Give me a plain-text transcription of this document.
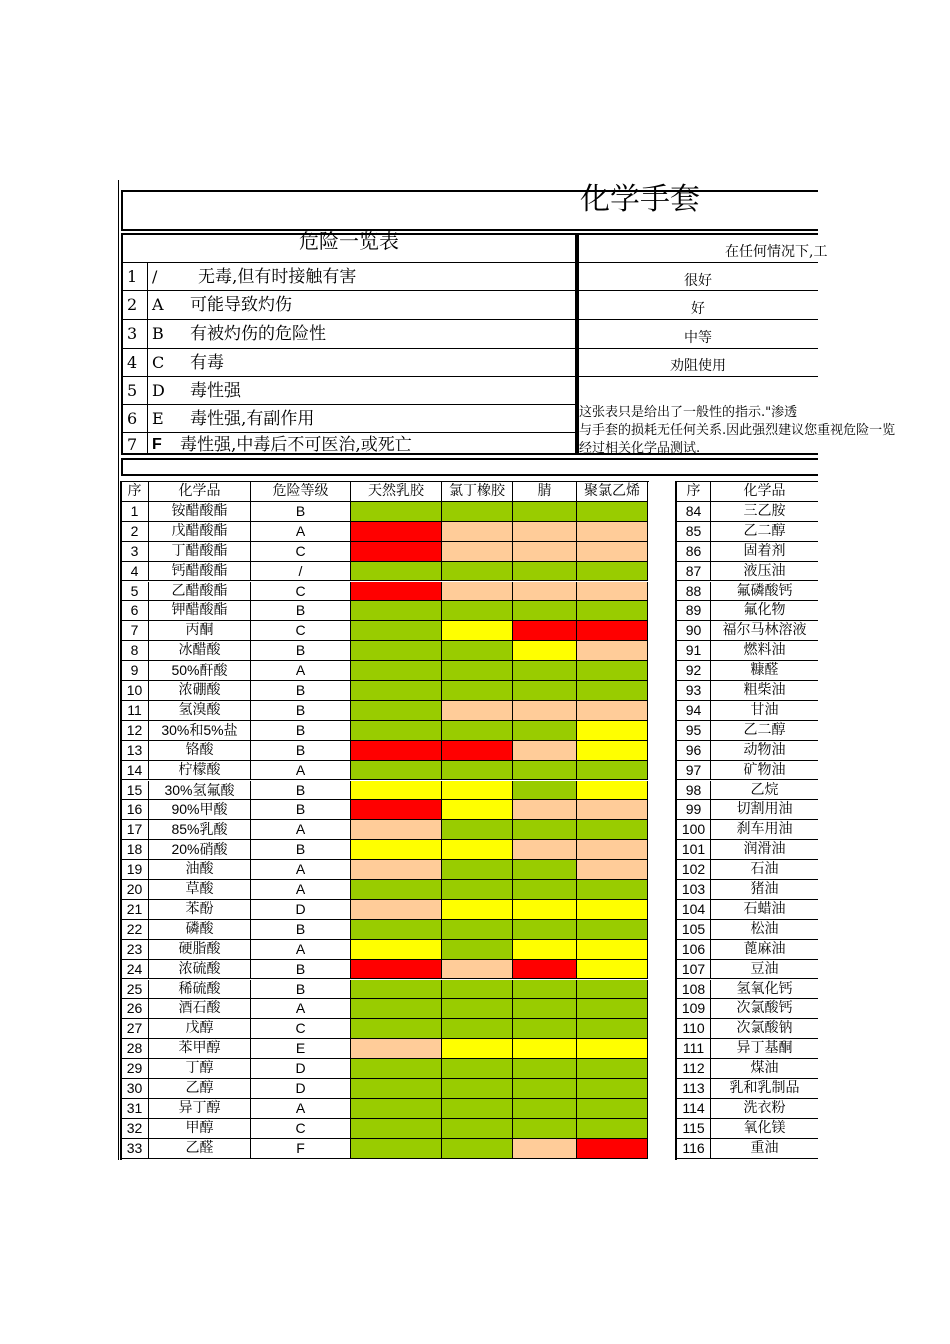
化学手套
危险一览表
1 / 无毒,但有时接触有害
2 A 可能导致灼伤
3 B 有被灼伤的危险性
4 C 有毒
5 D 毒性强
6 E 毒性强,有副作用
7 F 毒性强,中毒后不可医治,或死亡
在任何情况下,工
很好
好
中等
劝阻使用
这张表只是给出了一般性的指示."渗透
与手套的损耗无任何关系.因此强烈建议您重视危险一览
经过相关化学品测试.
序	化学品	危险等级	天然乳胶	氯丁橡胶	腈	聚氯乙烯
1	铵醋酸酯	B
2	戊醋酸酯	A
3	丁醋酸酯	C
4	钙醋酸酯	/
5	乙醋酸酯	C
6	钾醋酸酯	B
7	丙酮	C
8	冰醋酸	B
9	50%酐酸	A
10	浓硼酸	B
11	氢溴酸	B
12	30%和5%盐	B
13	铬酸	B
14	柠檬酸	A
15	30%氢氟酸	B
16	90%甲酸	B
17	85%乳酸	A
18	20%硝酸	B
19	油酸	A
20	草酸	A
21	苯酚	D
22	磷酸	B
23	硬脂酸	A
24	浓硫酸	B
25	稀硫酸	B
26	酒石酸	A
27	戊醇	C
28	苯甲醇	E
29	丁醇	D
30	乙醇	D
31	异丁醇	A
32	甲醇	C
33	乙醛	F
序	化学品
84	三乙胺
85	乙二醇
86	固着剂
87	液压油
88	氟磷酸钙
89	氟化物
90	福尔马林溶液
91	燃料油
92	糠醛
93	粗柴油
94	甘油
95	乙二醇
96	动物油
97	矿物油
98	乙烷
99	切割用油
100	刹车用油
101	润滑油
102	石油
103	猪油
104	石蜡油
105	松油
106	蓖麻油
107	豆油
108	氢氧化钙
109	次氯酸钙
110	次氯酸钠
111	异丁基酮
112	煤油
113	乳和乳制品
114	洗衣粉
115	氧化镁
116	重油
